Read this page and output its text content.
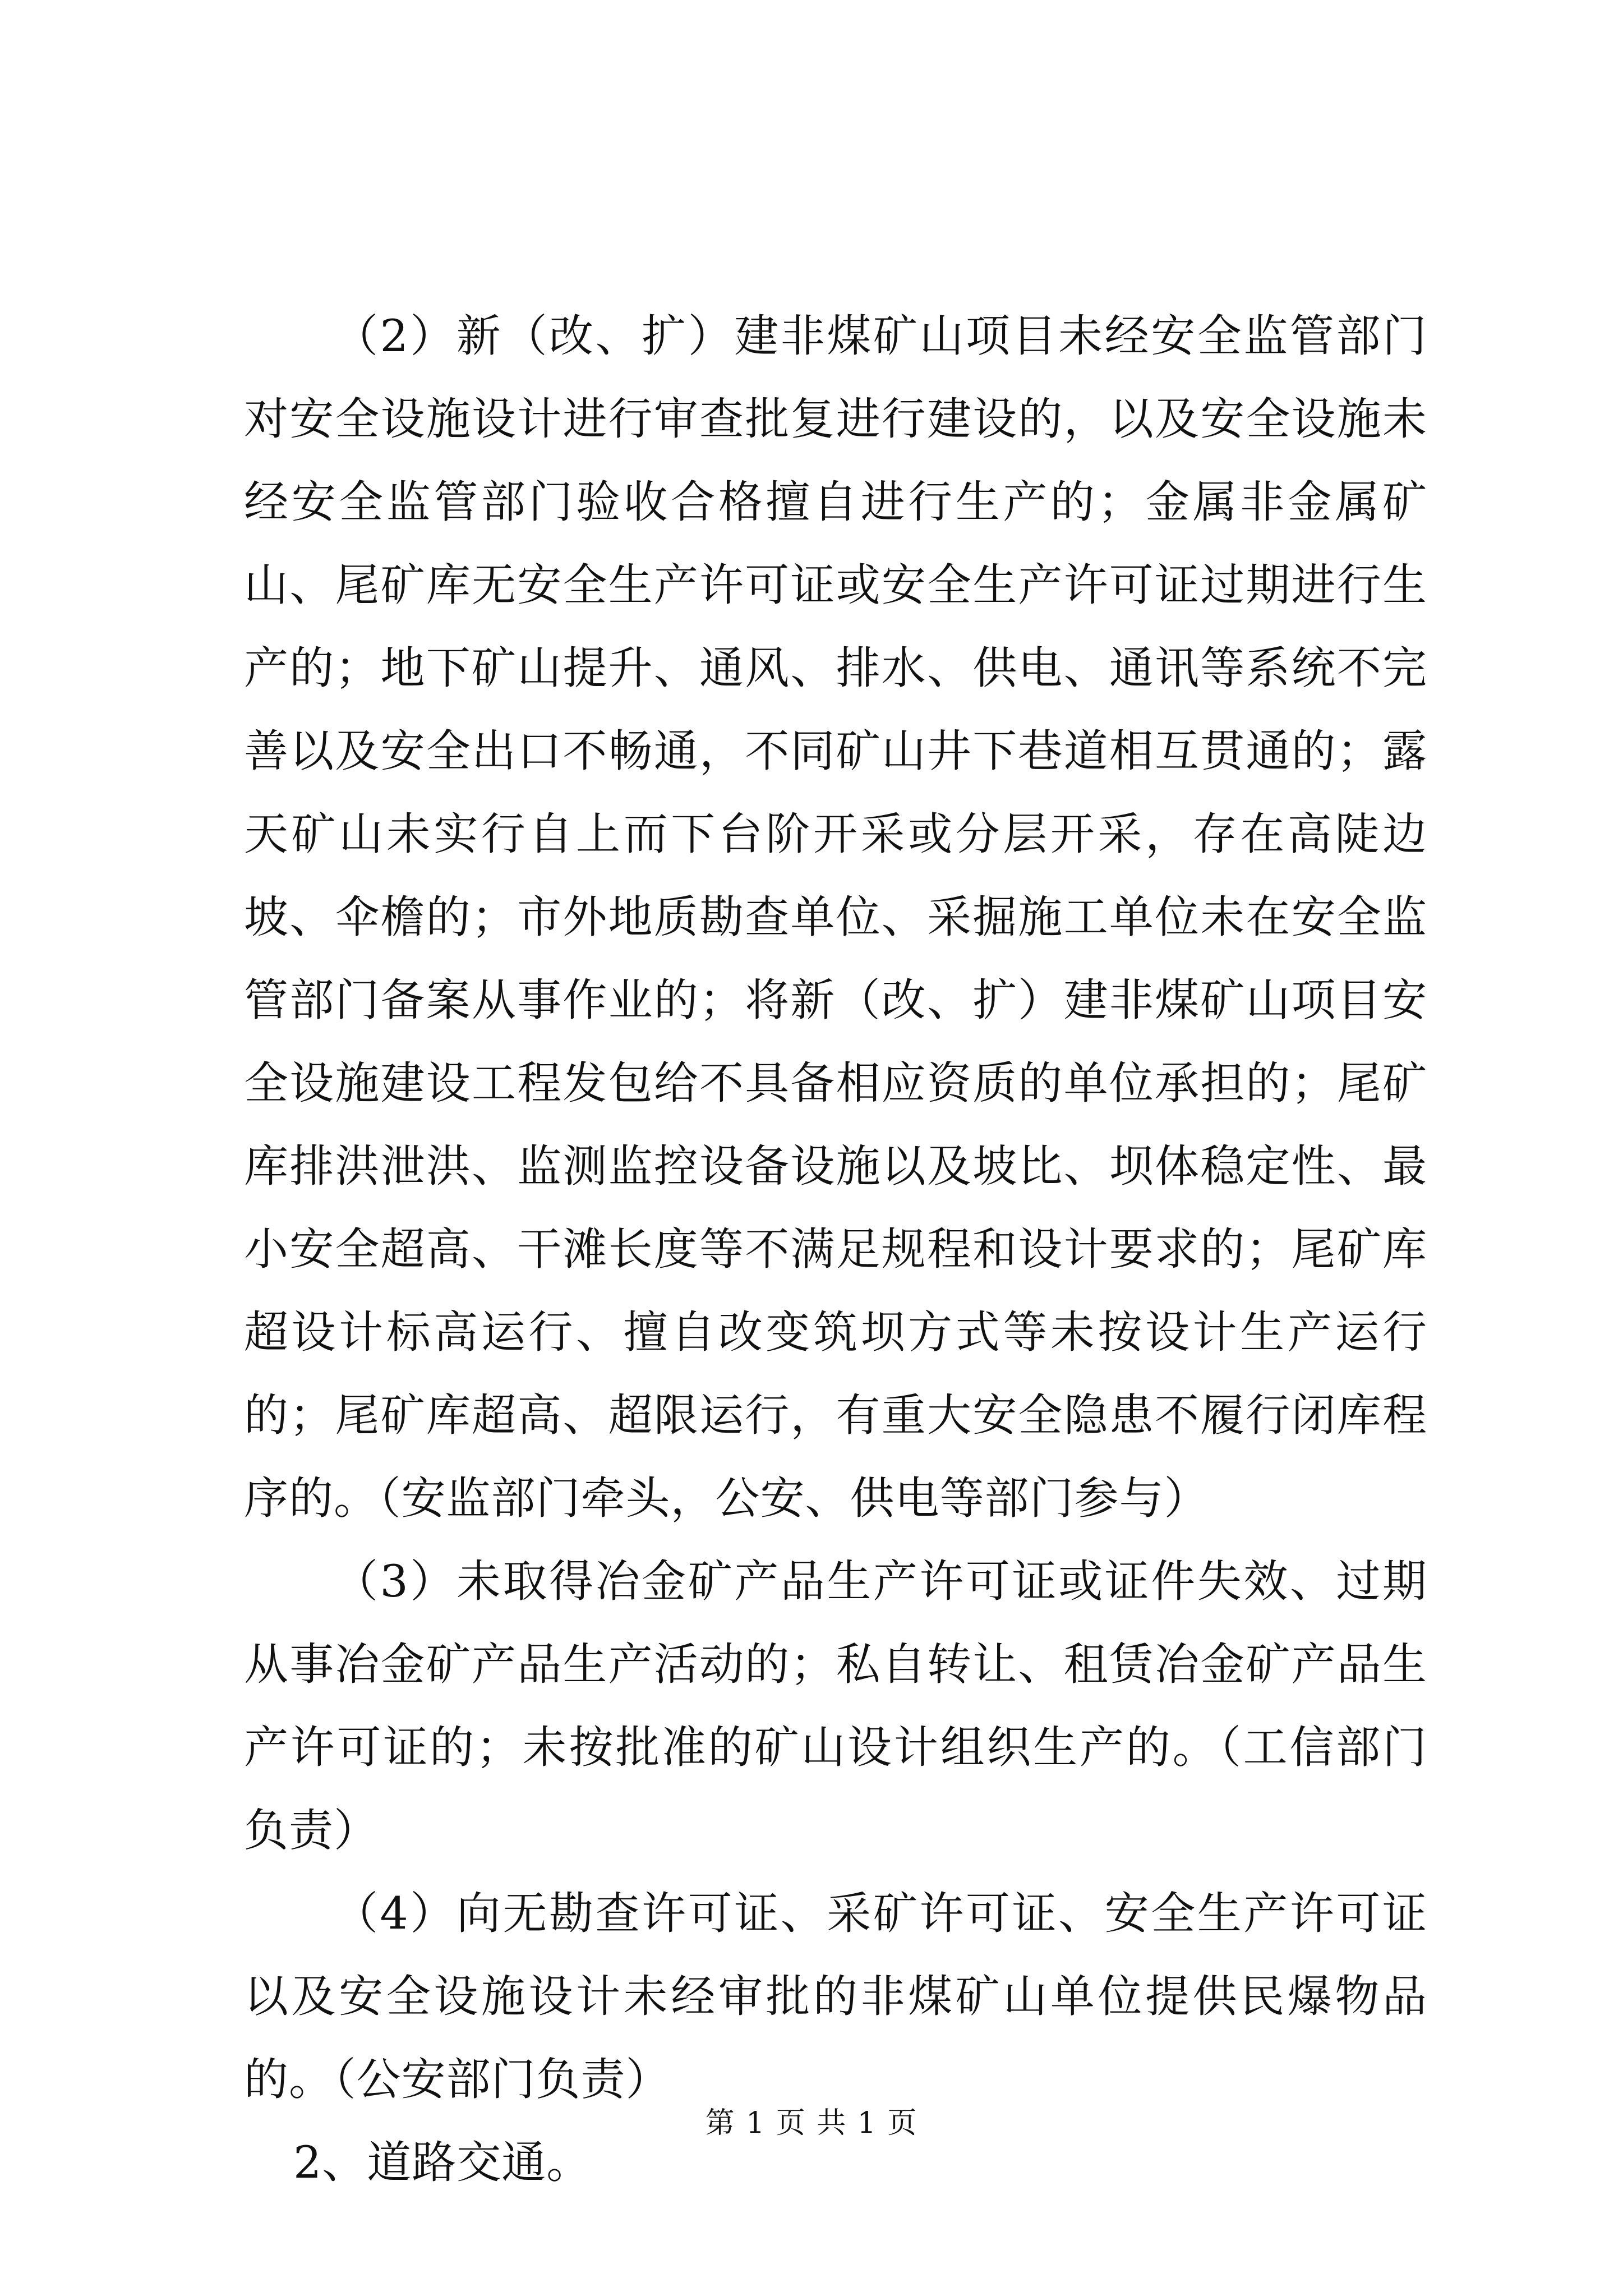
（2）新（改、扩）建非煤矿山项目未经安全监管部门对安全设施设计进行审查批复进行建设的，以及安全设施未经安全监管部门验收合格擅自进行生产的；金属非金属矿山、尾矿库无安全生产许可证或安全生产许可证过期进行生产的；地下矿山提升、通风、排水、供电、通讯等系统不完善以及安全出口不畅通，不同矿山井下巷道相互贯通的；露天矿山未实行自上而下台阶开采或分层开采，存在高陡边坡、伞檐的；市外地质勘查单位、采掘施工单位未在安全监管部门备案从事作业的；将新（改、扩）建非煤矿山项目安全设施建设工程发包给不具备相应资质的单位承担的；尾矿库排洪泄洪、监测监控设备设施以及坡比、坝体稳定性、最小安全超高、干滩长度等不满足规程和设计要求的；尾矿库超设计标高运行、擅自改变筑坝方式等未按设计生产运行的；尾矿库超高、超限运行，有重大安全隐患不履行闭库程序的。（安监部门牵头，公安、供电等部门参与）

（3）未取得冶金矿产品生产许可证或证件失效、过期从事冶金矿产品生产活动的；私自转让、租赁冶金矿产品生产许可证的；未按批准的矿山设计组织生产的。（工信部门负责）

（4）向无勘查许可证、采矿许可证、安全生产许可证以及安全设施设计未经审批的非煤矿山单位提供民爆物品的。（公安部门负责）

2、道路交通。

第 1 页 共 1 页
